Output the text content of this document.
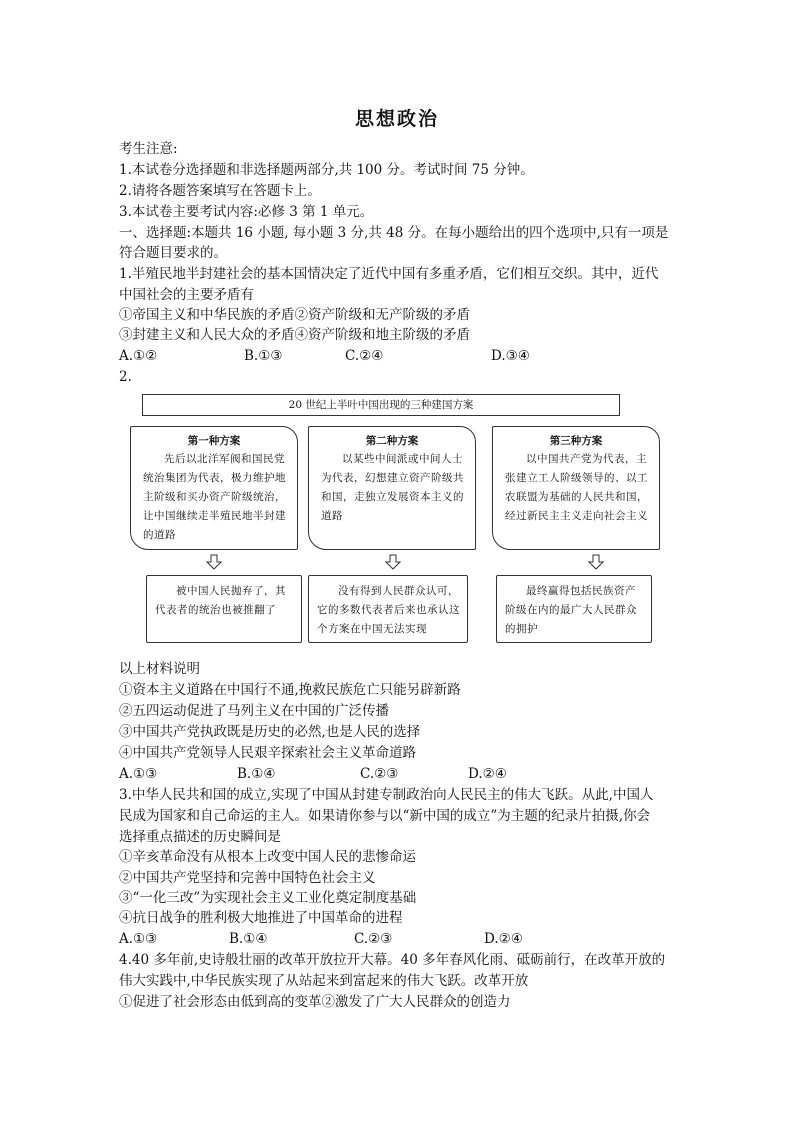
思想政治
考生注意:
1.本试卷分选择题和非选择题两部分,共 100 分。考试时间 75 分钟。
2.请将各题答案填写在答题卡上。
3.本试卷主要考试内容:必修 3 第 1 单元。
一、选择题:本题共 16 小题, 每小题 3 分,共 48 分。在每小题给出的四个选项中,只有一项是
符合题目要求的。
1.半殖民地半封建社会的基本国情决定了近代中国有多重矛盾，它们相互交织。其中，近代
中国社会的主要矛盾有
①帝国主义和中华民族的矛盾②资产阶级和无产阶级的矛盾
③封建主义和人民大众的矛盾④资产阶级和地主阶级的矛盾
A.①②	B.①③	C.②④	D.③④
2.
20 世纪上半叶中国出现的三种建国方案
第一种方案
先后以北洋军阀和国民党统治集团为代表，极力维护地主阶级和买办资产阶级统治，让中国继续走半殖民地半封建的道路
第二种方案
以某些中间派或中间人士为代表，幻想建立资产阶级共和国，走独立发展资本主义的道路
第三种方案
以中国共产党为代表，主张建立工人阶级领导的、以工农联盟为基础的人民共和国，经过新民主主义走向社会主义
被中国人民抛弃了，其代表者的统治也被推翻了
没有得到人民群众认可，它的多数代表者后来也承认这个方案在中国无法实现
最终赢得包括民族资产阶级在内的最广大人民群众的拥护
以上材料说明
①资本主义道路在中国行不通,挽救民族危亡只能另辟新路
②五四运动促进了马列主义在中国的广泛传播
③中国共产党执政既是历史的必然,也是人民的选择
④中国共产党领导人民艰辛探索社会主义革命道路
A.①③	B.①④	C.②③	D.②④
3.中华人民共和国的成立,实现了中国从封建专制政治向人民民主的伟大飞跃。从此,中国人
民成为国家和自己命运的主人。如果请你参与以“新中国的成立”为主题的纪录片拍摄,你会
选择重点描述的历史瞬间是
①辛亥革命没有从根本上改变中国人民的悲惨命运
②中国共产党坚持和完善中国特色社会主义
③“一化三改”为实现社会主义工业化奠定制度基础
④抗日战争的胜利极大地推进了中国革命的进程
A.①③	B.①④	C.②③	D.②④
4.40 多年前,史诗般壮丽的改革开放拉开大幕。40 多年春风化雨、砥砺前行，在改革开放的
伟大实践中,中华民族实现了从站起来到富起来的伟大飞跃。改革开放
①促进了社会形态由低到高的变革②激发了广大人民群众的创造力
